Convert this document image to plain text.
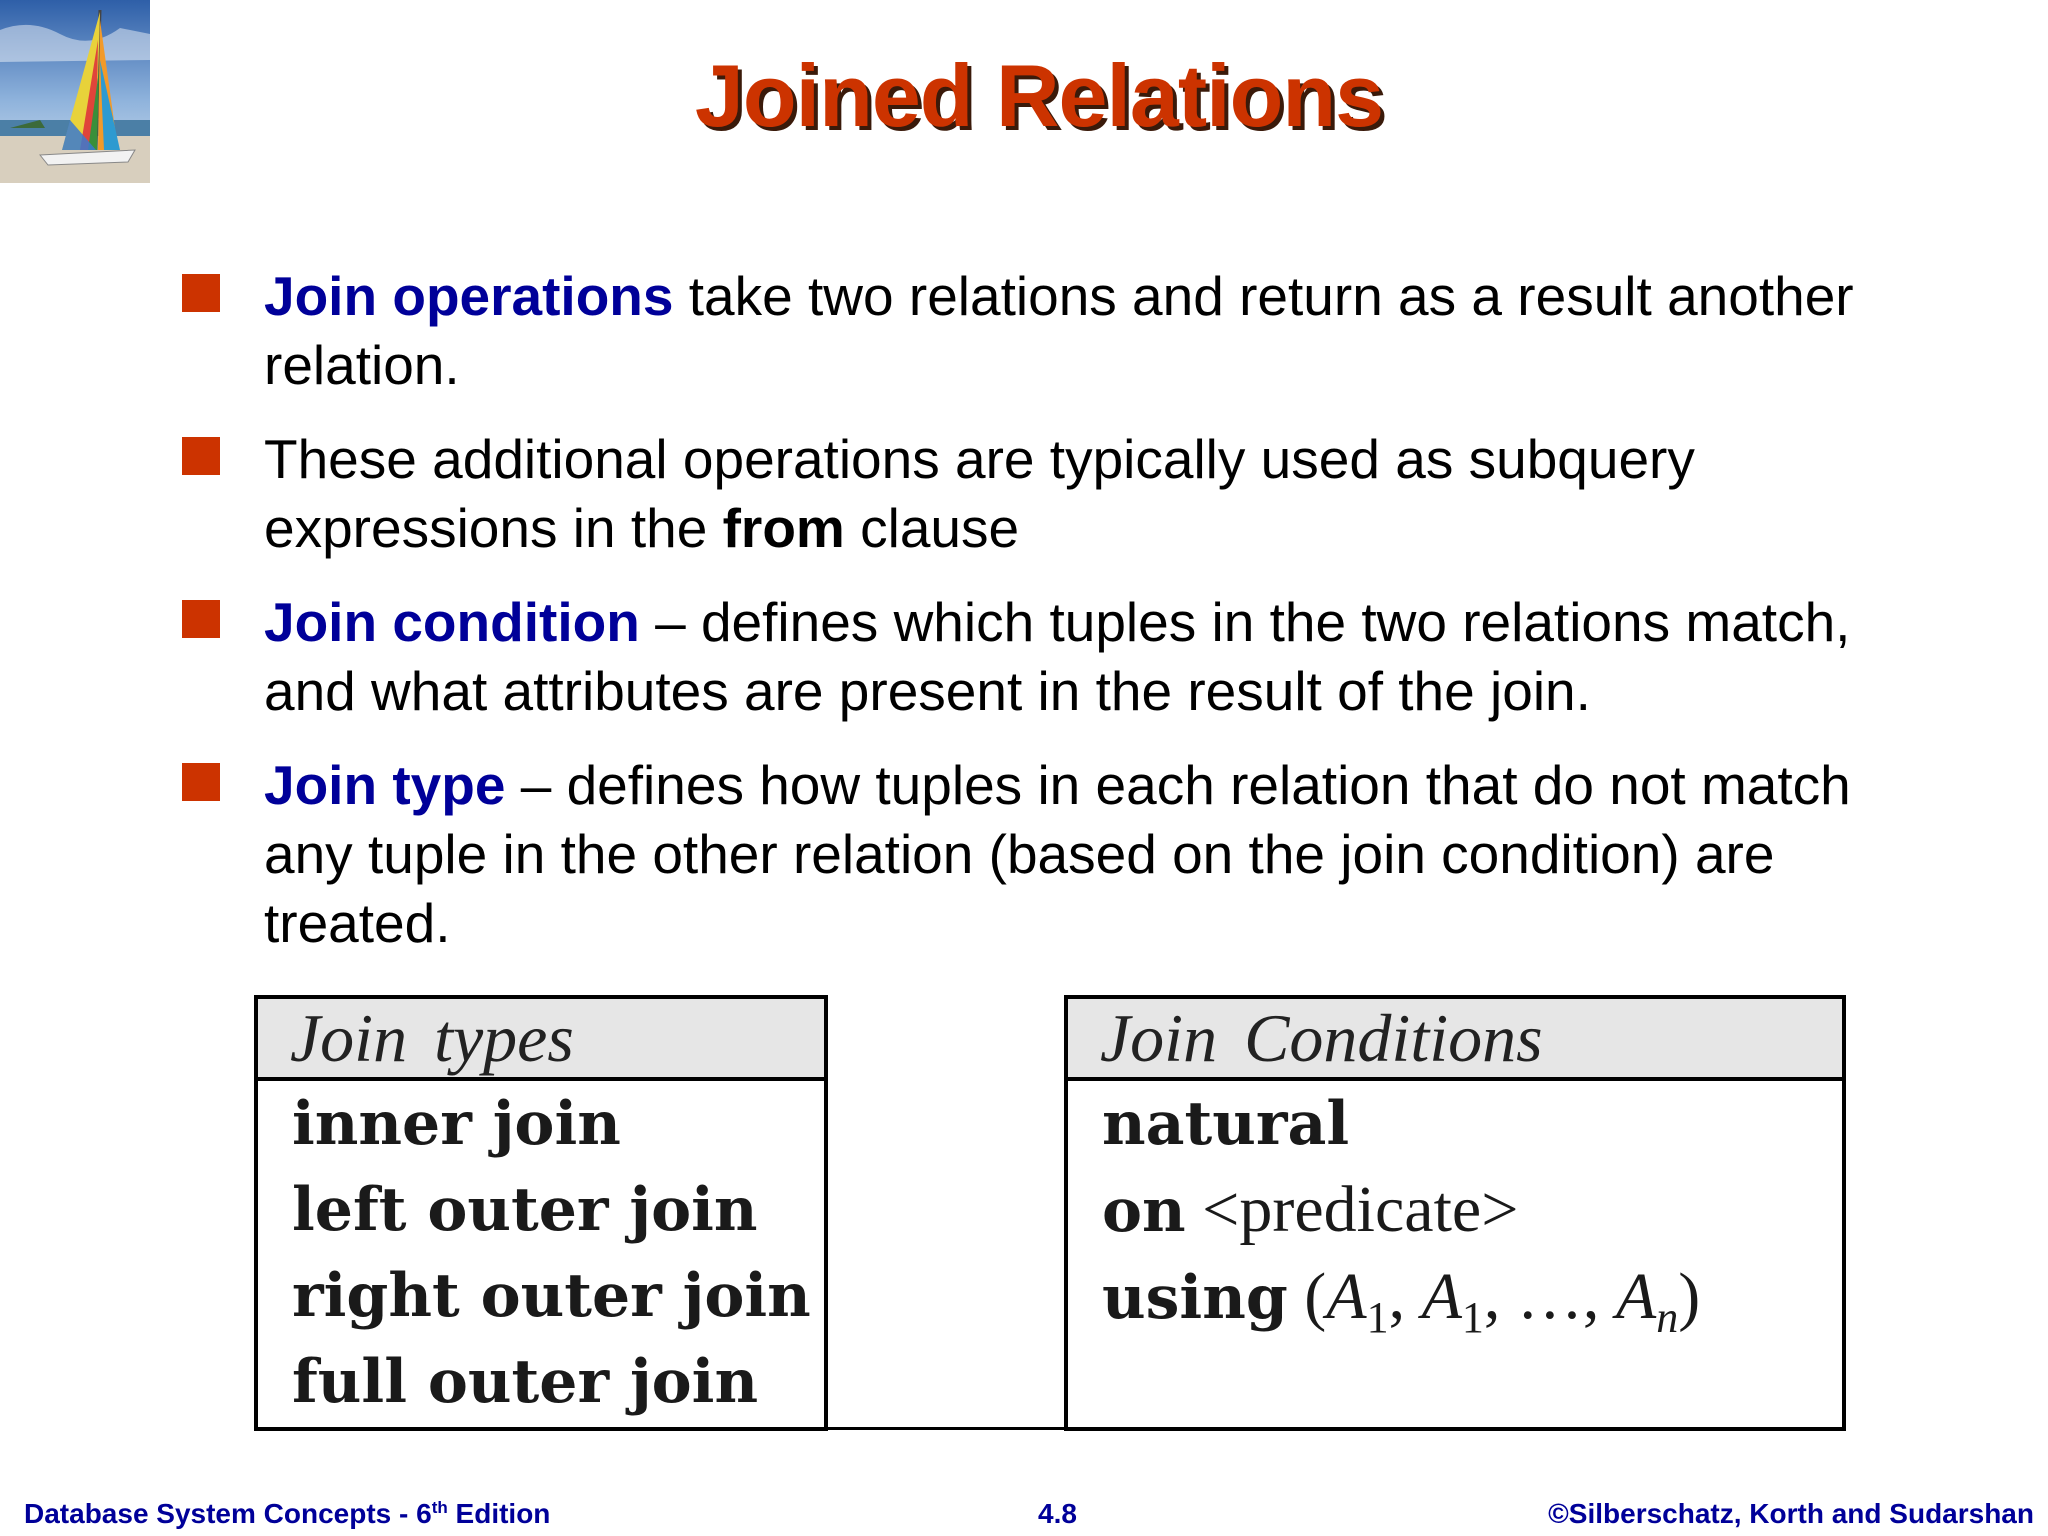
Joined Relations
Join operations take two relations and return as a result another relation.
These additional operations are typically used as subquery expressions in the from clause
Join condition – defines which tuples in the two relations match, and what attributes are present in the result of the join.
Join type – defines how tuples in each relation that do not match any tuple in the other relation (based on the join condition) are treated.
Join types
inner join
left outer join
right outer join
full outer join
Join Conditions
natural
on <predicate>
using ($A_1$, $A_1$, …, $A_n$)
Database System Concepts - 6th Edition	4.8	©Silberschatz, Korth and Sudarshan
